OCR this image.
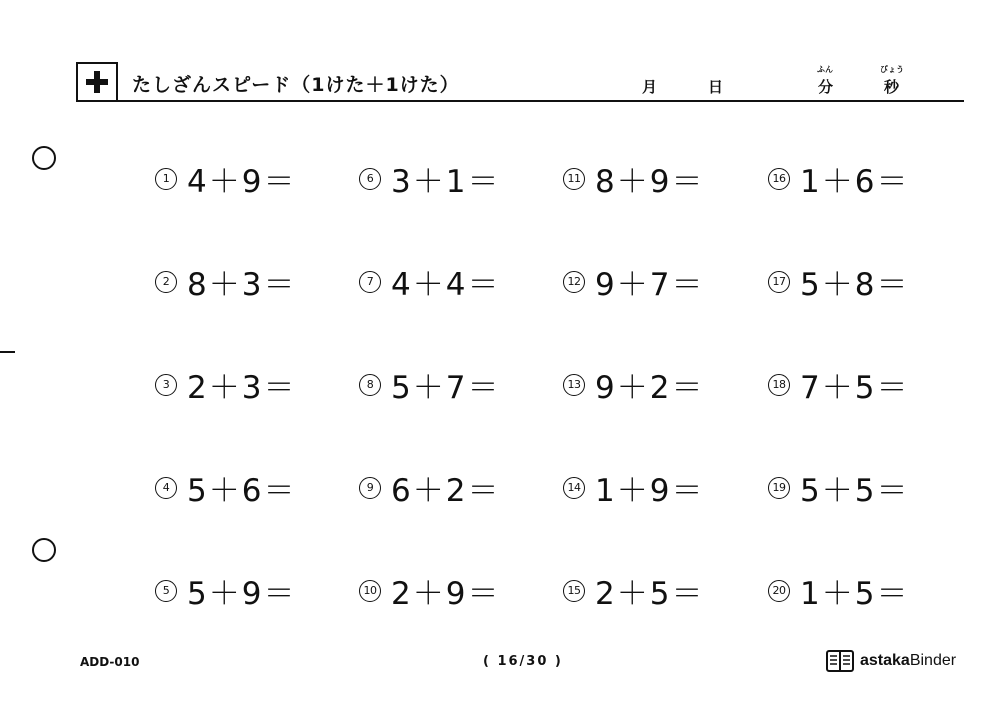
たしざんスピード（1けた＋1けた）	月	日
ふん
分
びょう
秒
1 4＋9＝
2 8＋3＝
3 2＋3＝
4 5＋6＝
5 5＋9＝
6 3＋1＝
7 4＋4＝
8 5＋7＝
9 6＋2＝
10 2＋9＝
11 8＋9＝
12 9＋7＝
13 9＋2＝
14 1＋9＝
15 2＋5＝
16 1＋6＝
17 5＋8＝
18 7＋5＝
19 5＋5＝
20 1＋5＝
ADD-010	( 16/30 )	astakaBinder
